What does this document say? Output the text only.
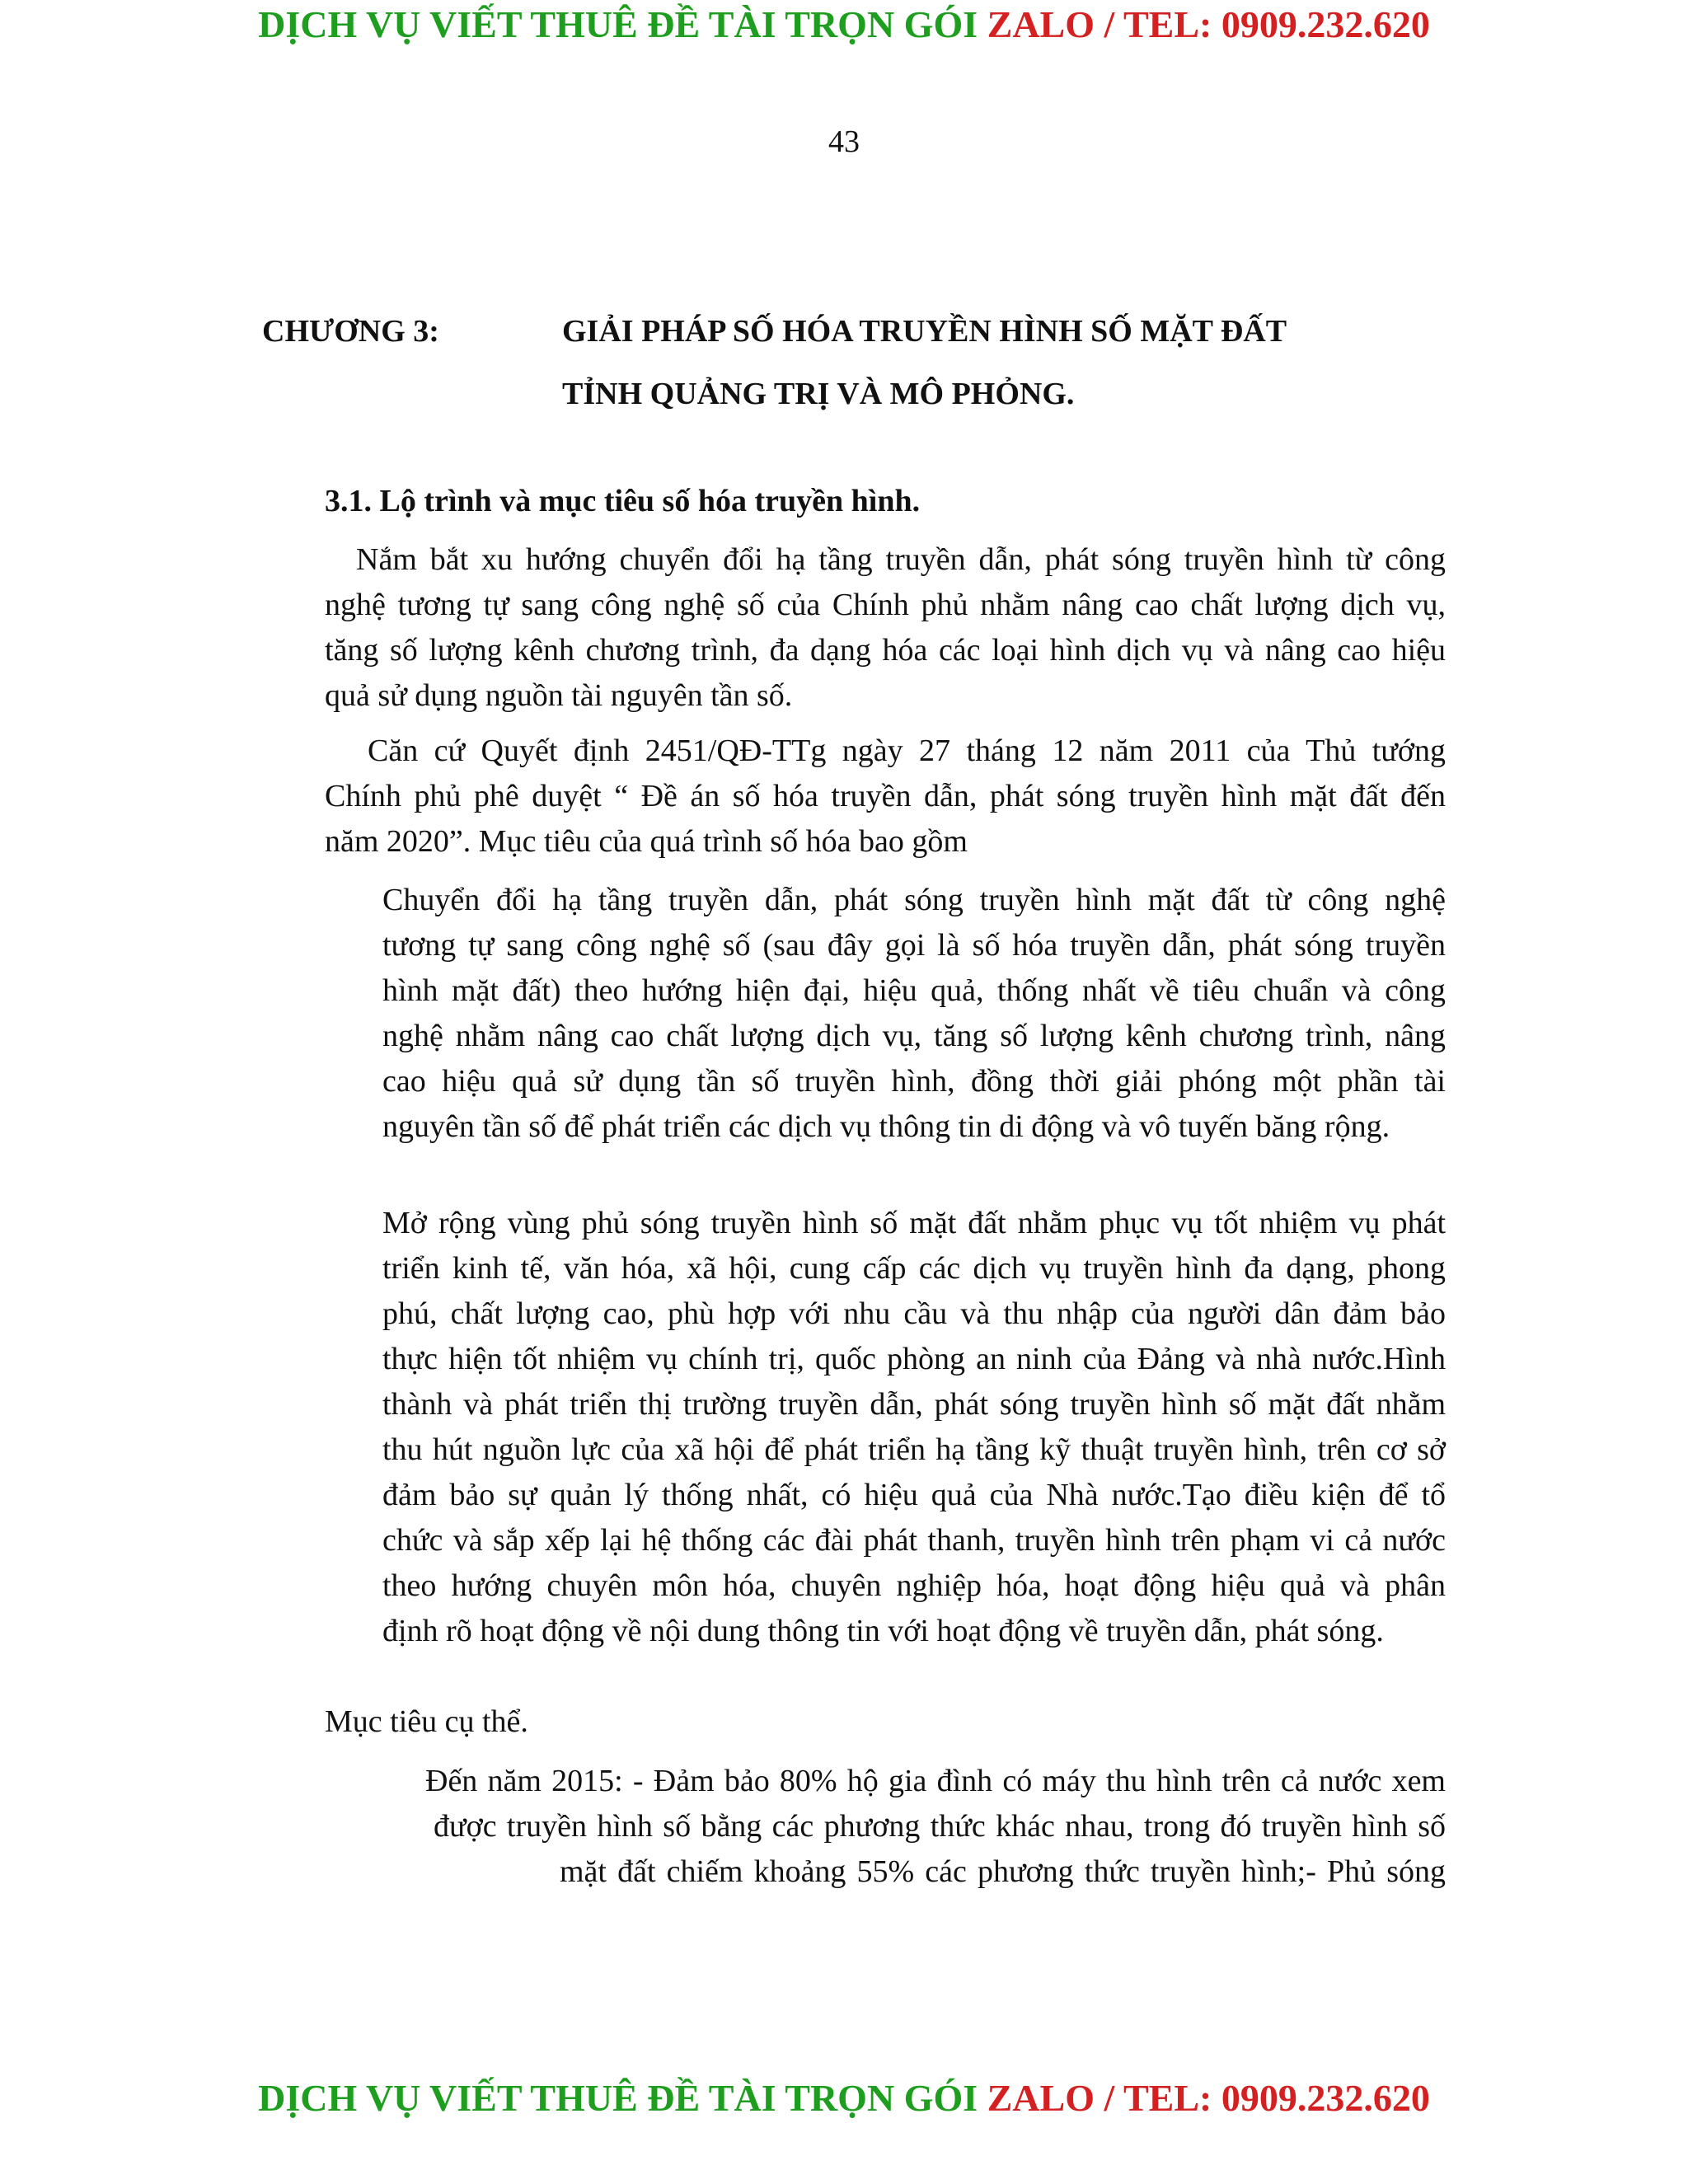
DỊCH VỤ VIẾT THUÊ ĐỀ TÀI TRỌN GÓI ZALO / TEL: 0909.232.620
43
CHƯƠNG 3:	GIẢI PHÁP SỐ HÓA TRUYỀN HÌNH SỐ MẶT ĐẤT
TỈNH QUẢNG TRỊ VÀ MÔ PHỎNG.
3.1. Lộ trình và mục tiêu số hóa truyền hình.

Nắm bắt xu hướng chuyển đổi hạ tầng truyền dẫn, phát sóng truyền hình từ công
nghệ tương tự sang công nghệ số của Chính phủ nhằm nâng cao chất lượng dịch vụ,
tăng số lượng kênh chương trình, đa dạng hóa các loại hình dịch vụ và nâng cao hiệu
quả sử dụng nguồn tài nguyên tần số.

Căn cứ Quyết định 2451/QĐ-TTg ngày 27 tháng 12 năm 2011 của Thủ tướng
Chính phủ phê duyệt “ Đề án số hóa truyền dẫn, phát sóng truyền hình mặt đất đến
năm 2020”. Mục tiêu của quá trình số hóa bao gồm

Chuyển đổi hạ tầng truyền dẫn, phát sóng truyền hình mặt đất từ công nghệ
tương tự sang công nghệ số (sau đây gọi là số hóa truyền dẫn, phát sóng truyền
hình mặt đất) theo hướng hiện đại, hiệu quả, thống nhất về tiêu chuẩn và công
nghệ nhằm nâng cao chất lượng dịch vụ, tăng số lượng kênh chương trình, nâng
cao hiệu quả sử dụng tần số truyền hình, đồng thời giải phóng một phần tài
nguyên tần số để phát triển các dịch vụ thông tin di động và vô tuyến băng rộng.

Mở rộng vùng phủ sóng truyền hình số mặt đất nhằm phục vụ tốt nhiệm vụ phát
triển kinh tế, văn hóa, xã hội, cung cấp các dịch vụ truyền hình đa dạng, phong
phú, chất lượng cao, phù hợp với nhu cầu và thu nhập của người dân đảm bảo
thực hiện tốt nhiệm vụ chính trị, quốc phòng an ninh của Đảng và nhà nước.Hình
thành và phát triển thị trường truyền dẫn, phát sóng truyền hình số mặt đất nhằm
thu hút nguồn lực của xã hội để phát triển hạ tầng kỹ thuật truyền hình, trên cơ sở
đảm bảo sự quản lý thống nhất, có hiệu quả của Nhà nước.Tạo điều kiện để tổ
chức và sắp xếp lại hệ thống các đài phát thanh, truyền hình trên phạm vi cả nước
theo hướng chuyên môn hóa, chuyên nghiệp hóa, hoạt động hiệu quả và phân
định rõ hoạt động về nội dung thông tin với hoạt động về truyền dẫn, phát sóng.

Mục tiêu cụ thể.

Đến năm 2015: - Đảm bảo 80% hộ gia đình có máy thu hình trên cả nước xem
được truyền hình số bằng các phương thức khác nhau, trong đó truyền hình số
mặt đất chiếm khoảng 55% các phương thức truyền hình;- Phủ sóng

DỊCH VỤ VIẾT THUÊ ĐỀ TÀI TRỌN GÓI ZALO / TEL: 0909.232.620
